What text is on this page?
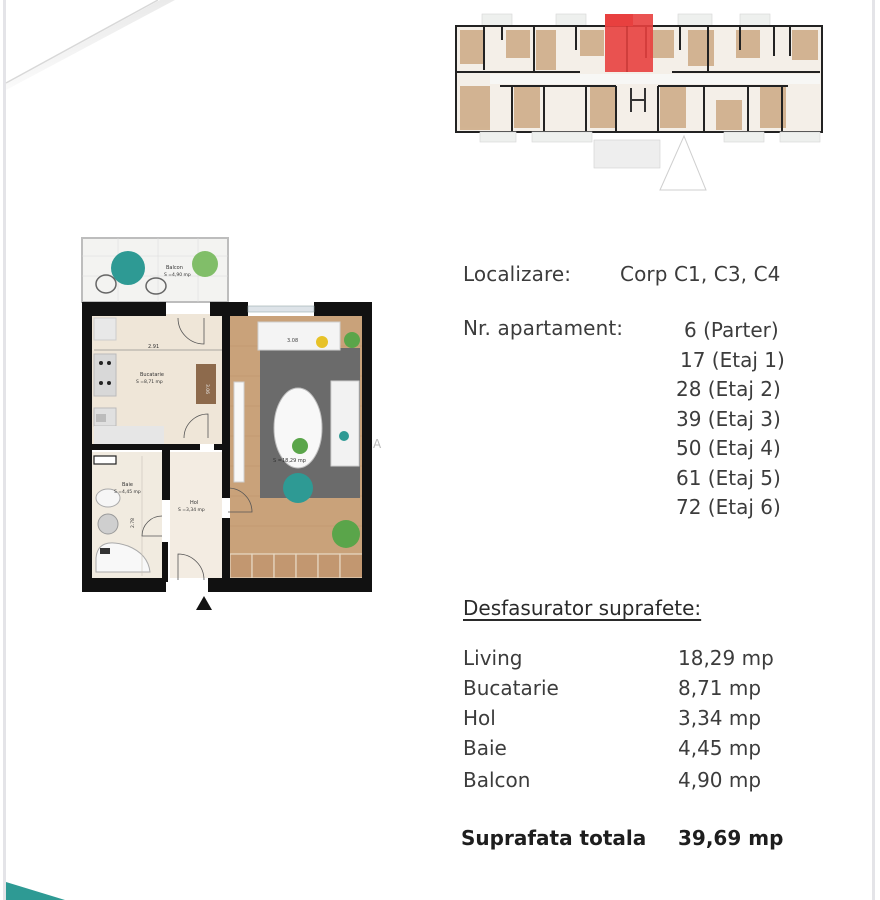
Balcon
S =4,90 mp
3.08
S =18,29 mp
2.91
3.06
Bucatarie
S =8,71 mp
Baie
S =4,45 mp
2.78
Hol
S =3,34 mp
A
Localizare: Corp C1, C3, C4
Nr. apartament:	6 (Parter)
17 (Etaj 1)
28 (Etaj 2)
39 (Etaj 3)
50 (Etaj 4)
61 (Etaj 5)
72 (Etaj 6)
Desfasurator suprafete:
Living	18,29 mp
Bucatarie	8,71 mp
Hol	3,34 mp
Baie	4,45 mp
Balcon	4,90 mp
Suprafata totala 39,69 mp
